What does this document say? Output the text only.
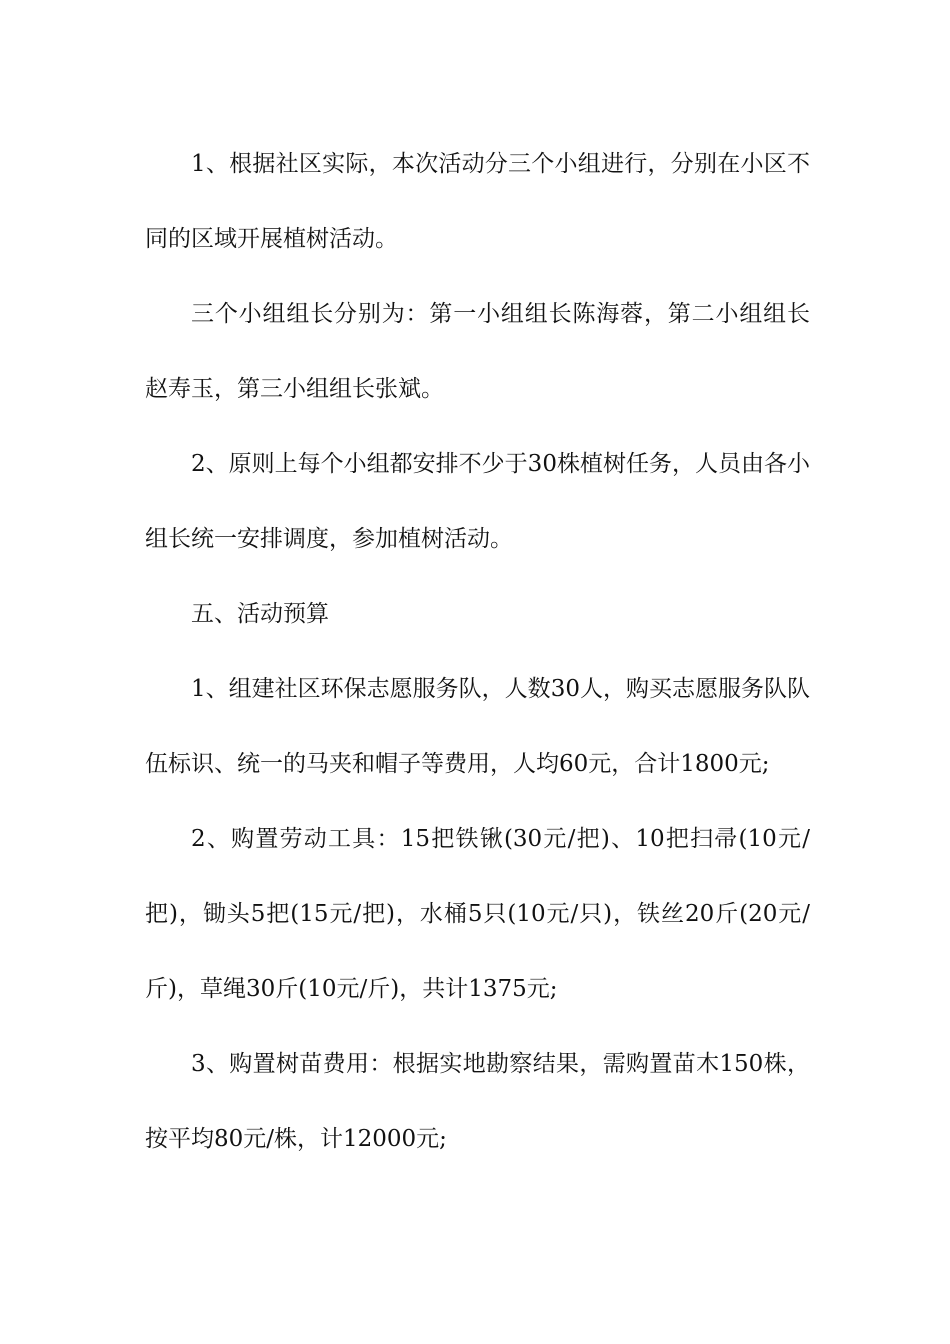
1、根据社区实际，本次活动分三个小组进行，分别在小区不同的区域开展植树活动。

三个小组组长分别为：第一小组组长陈海蓉，第二小组组长赵寿玉，第三小组组长张斌。

2、原则上每个小组都安排不少于30株植树任务，人员由各小组长统一安排调度，参加植树活动。

五、活动预算

1、组建社区环保志愿服务队，人数30人，购买志愿服务队队伍标识、统一的马夹和帽子等费用，人均60元，合计1800元;

2、购置劳动工具：15把铁锹(30元/把)、10把扫帚(10元/把)，锄头5把(15元/把)，水桶5只(10元/只)，铁丝20斤(20元/斤)，草绳30斤(10元/斤)，共计1375元;

3、购置树苗费用：根据实地勘察结果，需购置苗木150株，按平均80元/株，计12000元;
